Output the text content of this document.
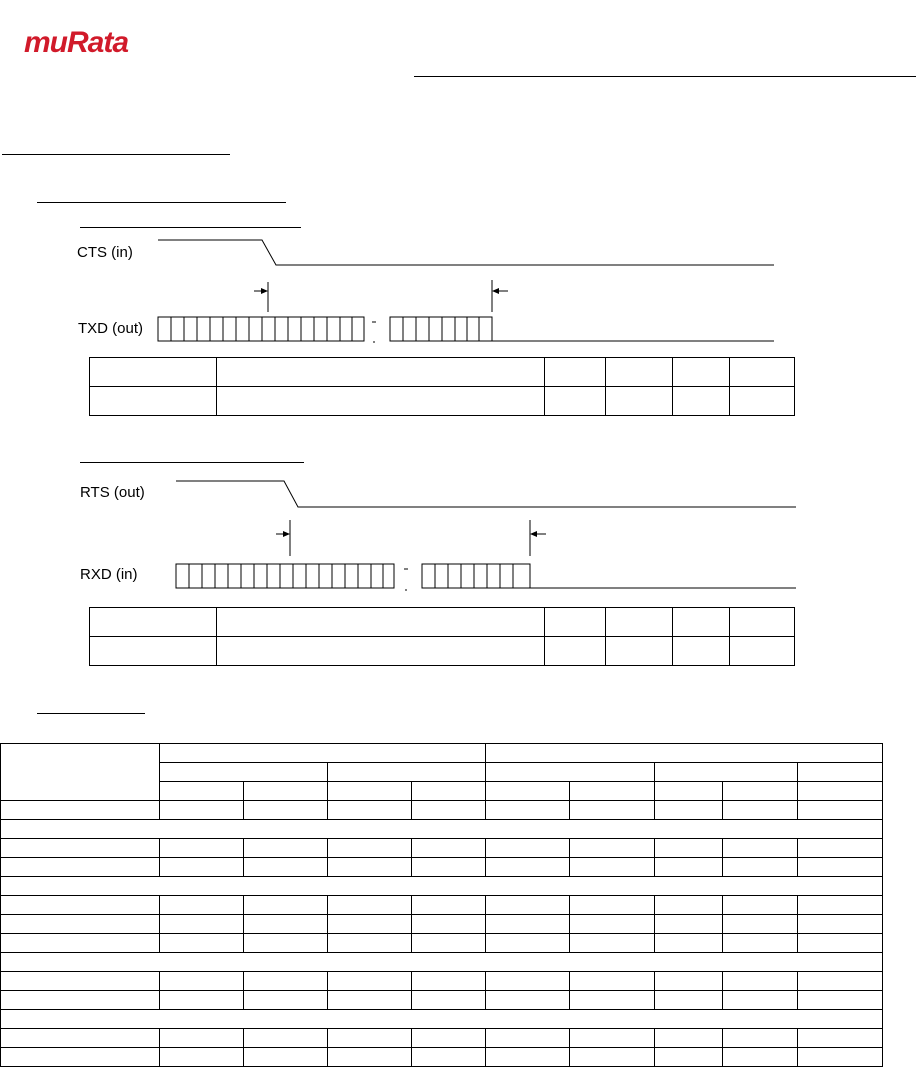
muRata
CTS (in)
TXD (out)
RTS (out)
RXD (in)
